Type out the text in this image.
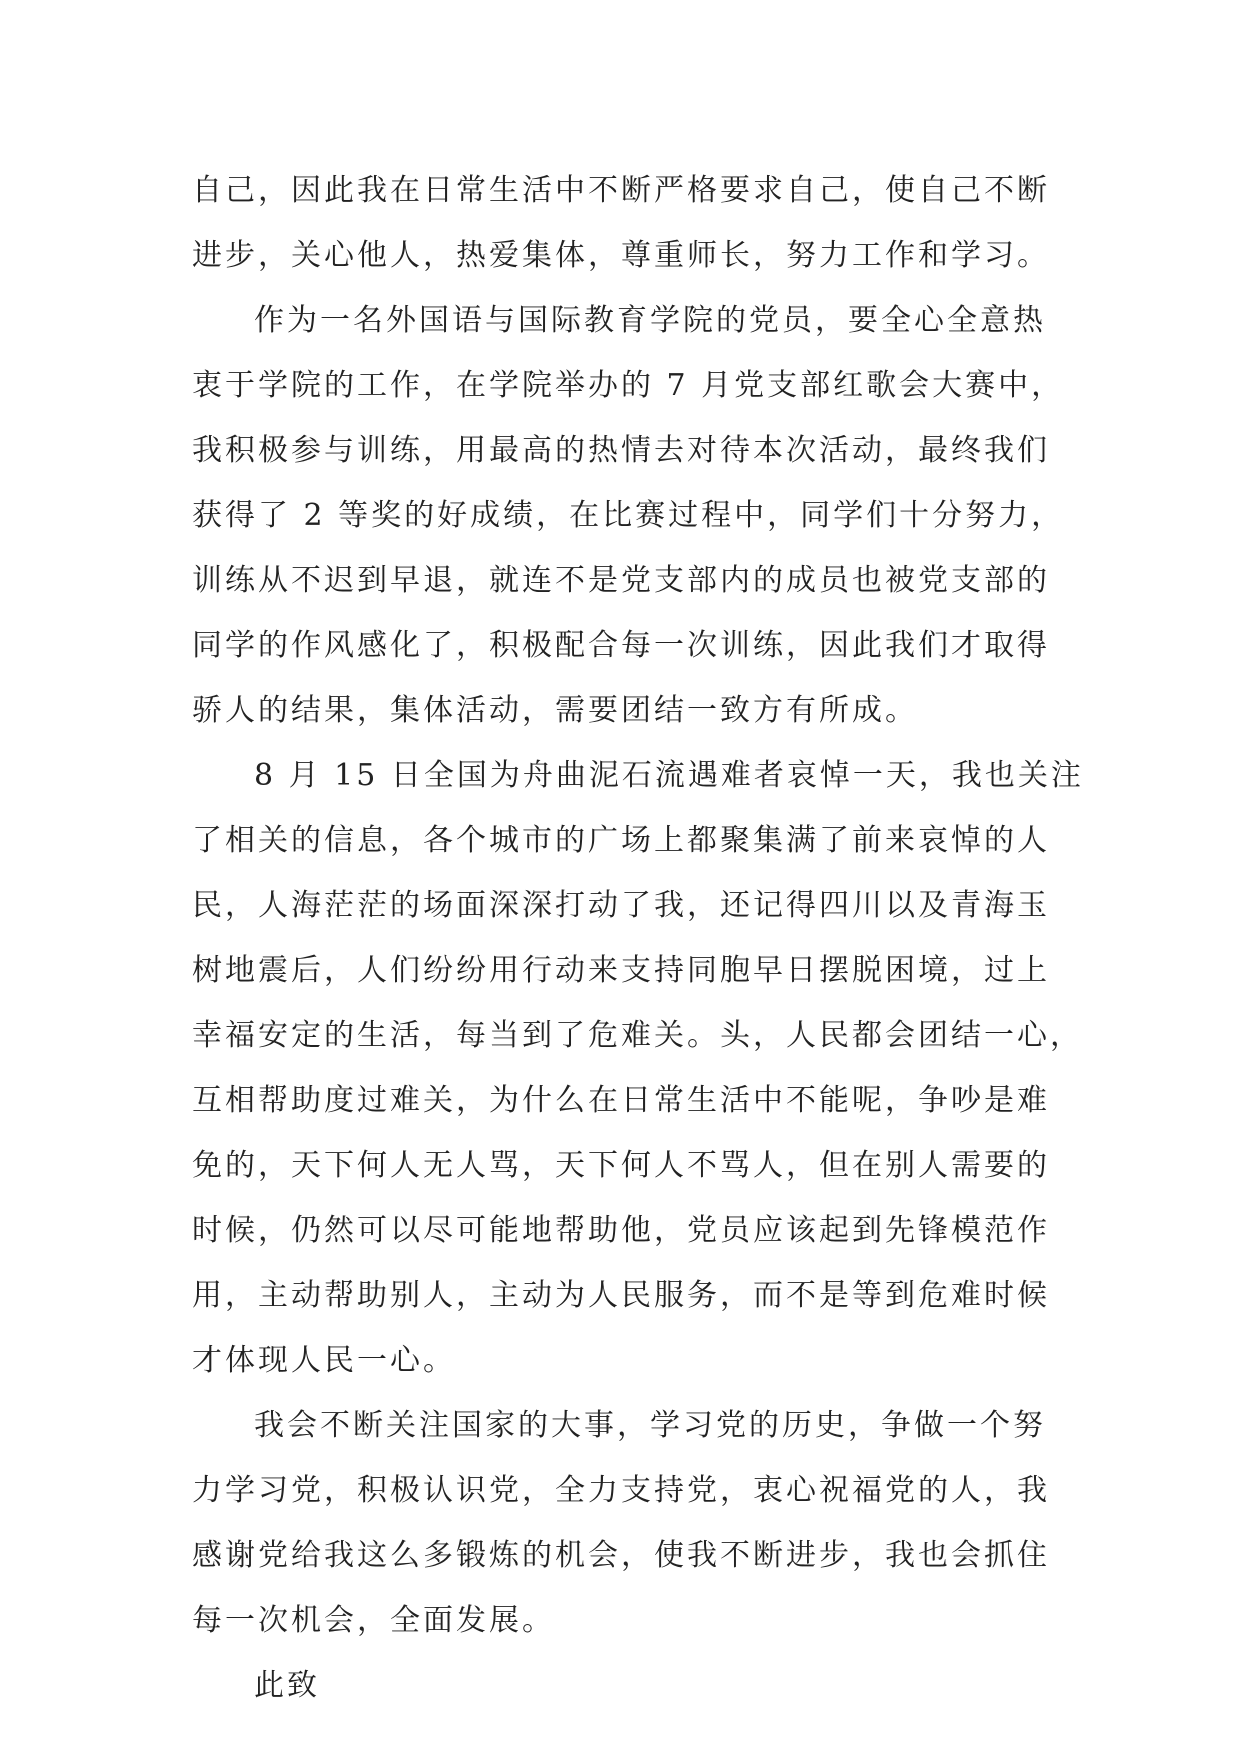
自己，因此我在日常生活中不断严格要求自己，使自己不断
进步，关心他人，热爱集体，尊重师长，努力工作和学习。
作为一名外国语与国际教育学院的党员，要全心全意热
衷于学院的工作，在学院举办的 7 月党支部红歌会大赛中，
我积极参与训练，用最高的热情去对待本次活动，最终我们
获得了 2 等奖的好成绩，在比赛过程中，同学们十分努力，
训练从不迟到早退，就连不是党支部内的成员也被党支部的
同学的作风感化了，积极配合每一次训练，因此我们才取得
骄人的结果，集体活动，需要团结一致方有所成。
8 月 15 日全国为舟曲泥石流遇难者哀悼一天，我也关注
了相关的信息，各个城市的广场上都聚集满了前来哀悼的人
民，人海茫茫的场面深深打动了我，还记得四川以及青海玉
树地震后，人们纷纷用行动来支持同胞早日摆脱困境，过上
幸福安定的生活，每当到了危难关。头，人民都会团结一心，
互相帮助度过难关，为什么在日常生活中不能呢，争吵是难
免的，天下何人无人骂，天下何人不骂人，但在别人需要的
时候，仍然可以尽可能地帮助他，党员应该起到先锋模范作
用，主动帮助别人，主动为人民服务，而不是等到危难时候
才体现人民一心。
我会不断关注国家的大事，学习党的历史，争做一个努
力学习党，积极认识党，全力支持党，衷心祝福党的人，我
感谢党给我这么多锻炼的机会，使我不断进步，我也会抓住
每一次机会，全面发展。
此致
